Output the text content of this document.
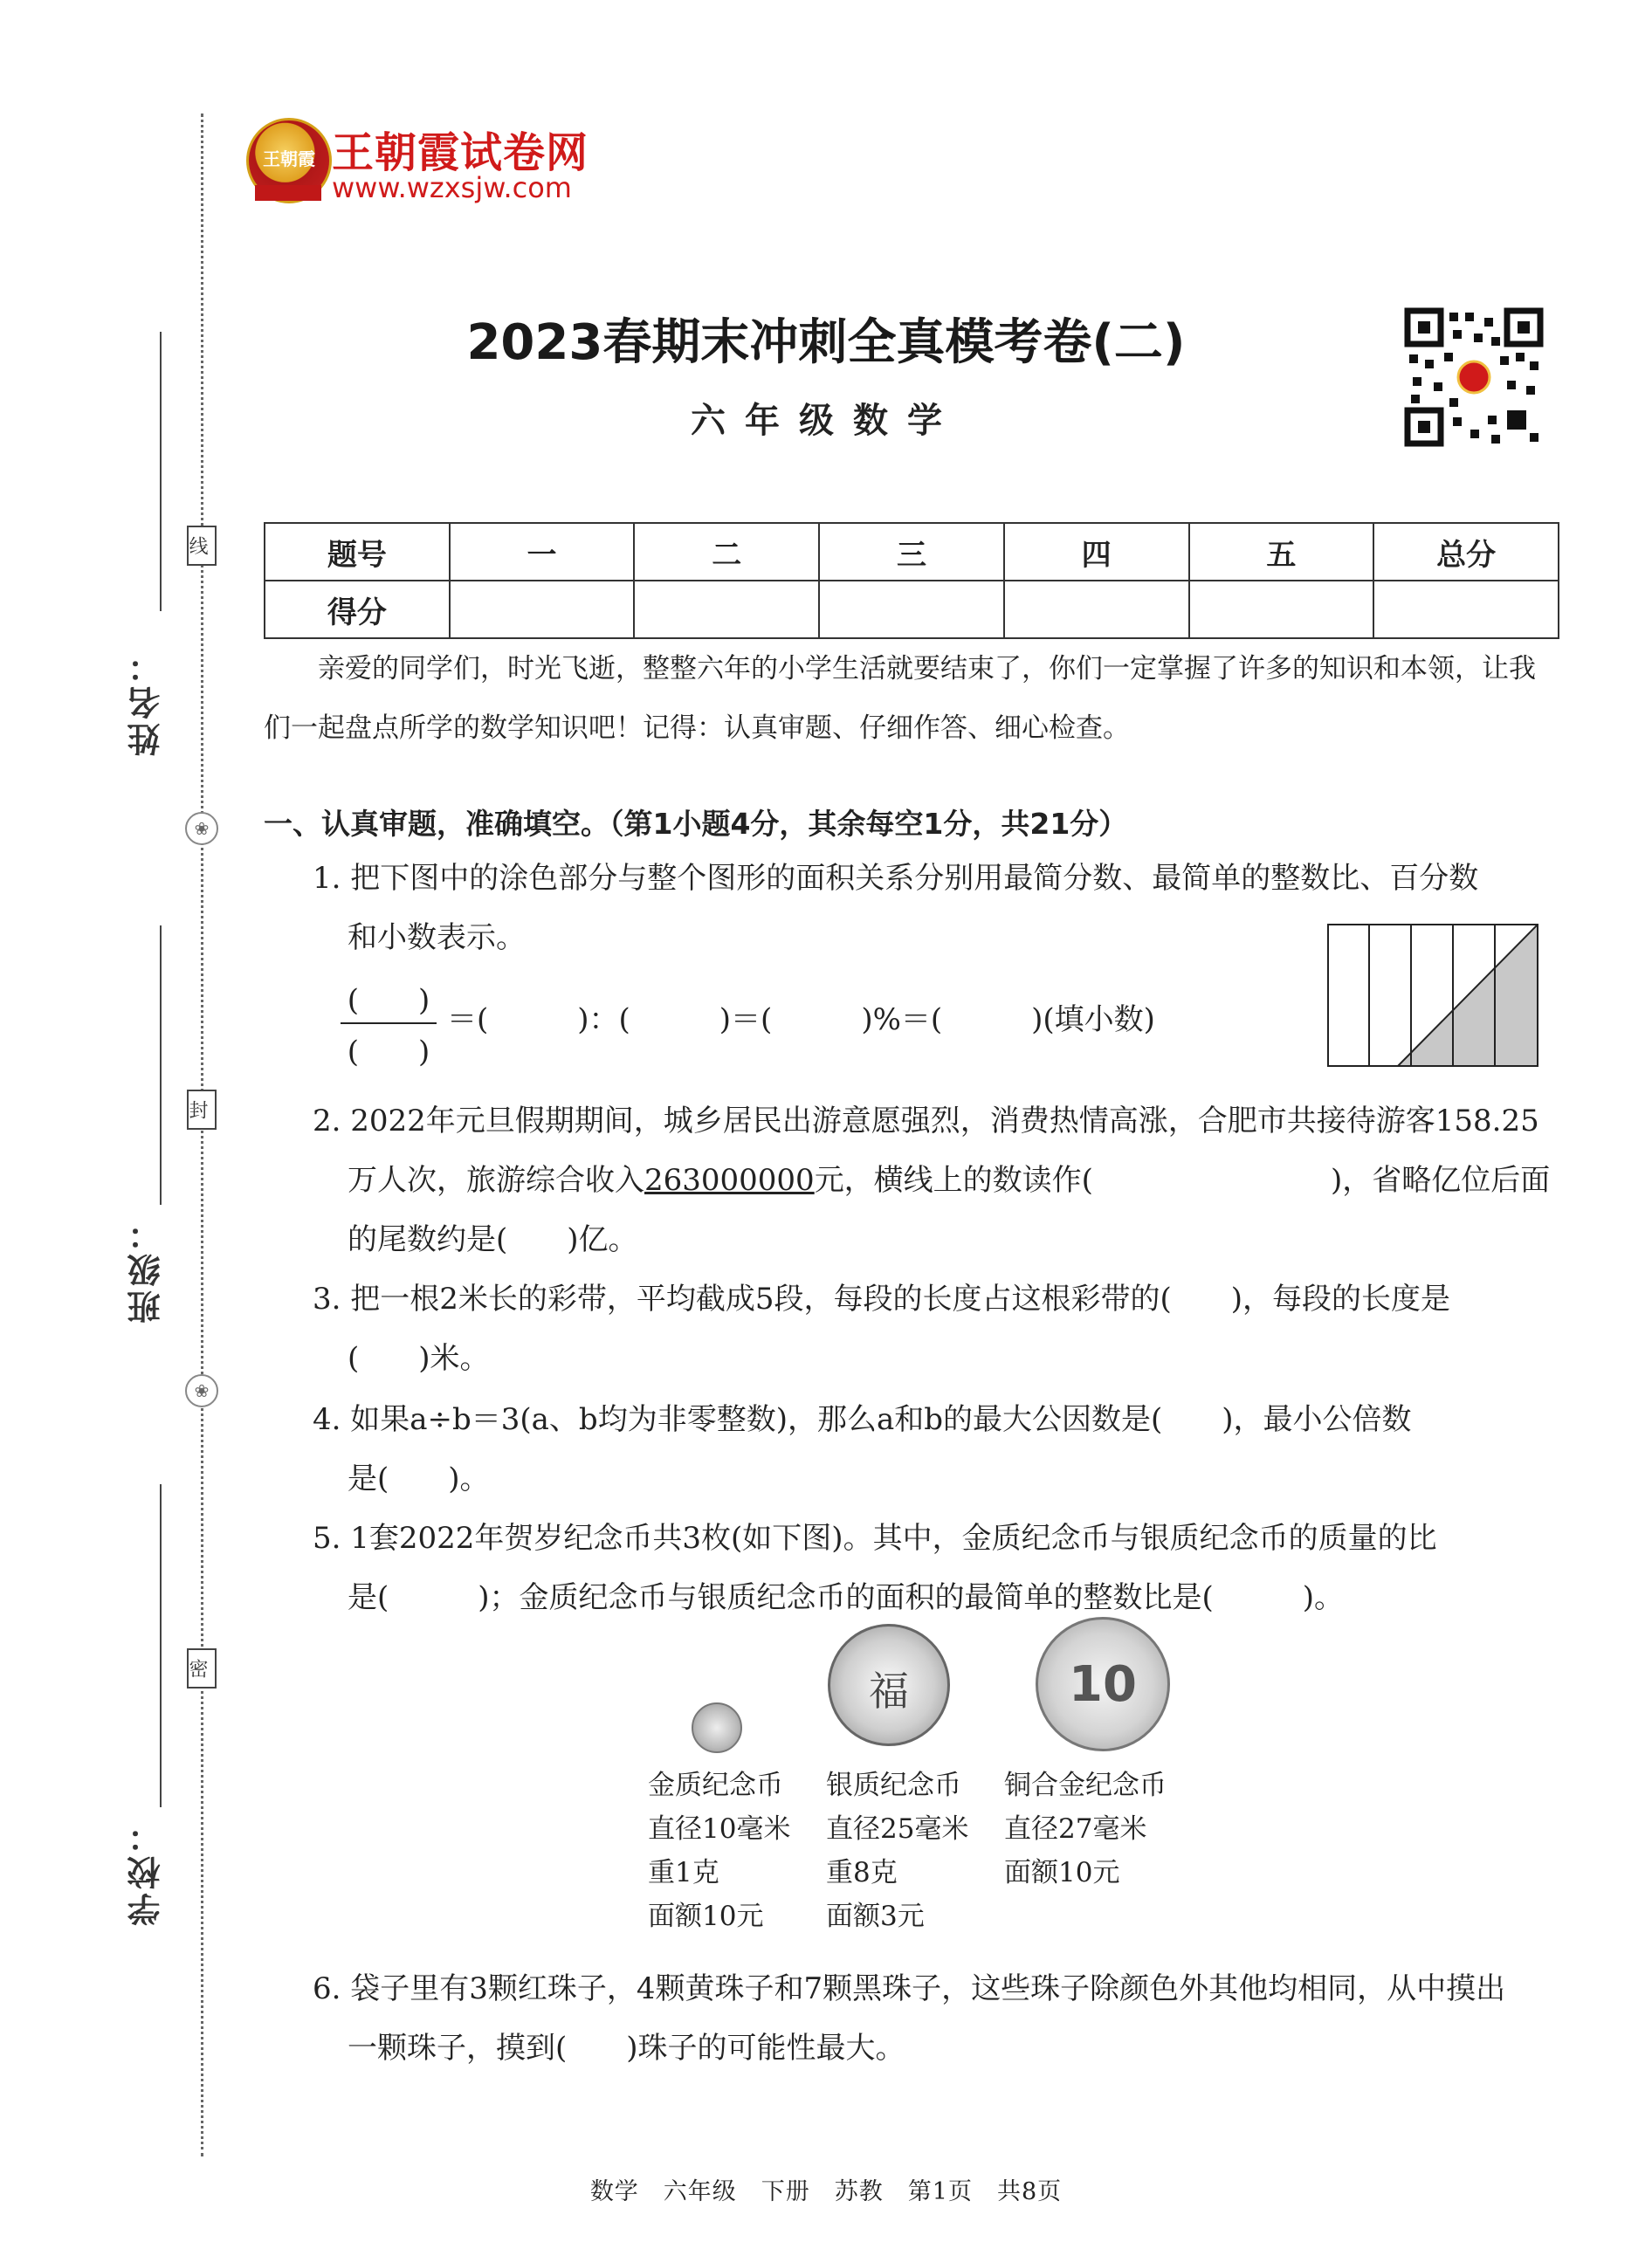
姓名：
班级：
学校：
线
封
密
❀
❀
王朝霞 王朝霞试卷网
www.wzxsjw.com
2023春期末冲刺全真模考卷(二)
六年级数学
题号	一	二	三	四	五	总分
得分						
亲爱的同学们，时光飞逝，整整六年的小学生活就要结束了，你们一定掌握了许多的知识和本领，让我们一起盘点所学的数学知识吧！记得：认真审题、仔细作答、细心检查。
一、认真审题，准确填空。（第1小题4分，其余每空1分，共21分）
1. 把下图中的涂色部分与整个图形的面积关系分别用最简分数、最简单的整数比、百分数
和小数表示。
(　　)
(　　)
＝(　　　)：(　　　)＝(　　　)%＝(　　　)(填小数)
2. 2022年元旦假期期间，城乡居民出游意愿强烈，消费热情高涨，合肥市共接待游客158.25
万人次，旅游综合收入263000000元，横线上的数读作(　　　　　　　　)，省略亿位后面
的尾数约是(　　)亿。
3. 把一根2米长的彩带，平均截成5段，每段的长度占这根彩带的(　　)，每段的长度是
(　　)米。
4. 如果a÷b＝3(a、b均为非零整数)，那么a和b的最大公因数是(　　)，最小公倍数
是(　　)。
5. 1套2022年贺岁纪念币共3枚(如下图)。其中，金质纪念币与银质纪念币的质量的比
是(　　　)；金质纪念币与银质纪念币的面积的最简单的整数比是(　　　)。
福	10
金质纪念币
直径10毫米
重1克
面额10元
银质纪念币
直径25毫米
重8克
面额3元
铜合金纪念币
直径27毫米
面额10元
6. 袋子里有3颗红珠子，4颗黄珠子和7颗黑珠子，这些珠子除颜色外其他均相同，从中摸出
一颗珠子，摸到(　　)珠子的可能性最大。
数学　六年级　下册　苏教　第1页　共8页
